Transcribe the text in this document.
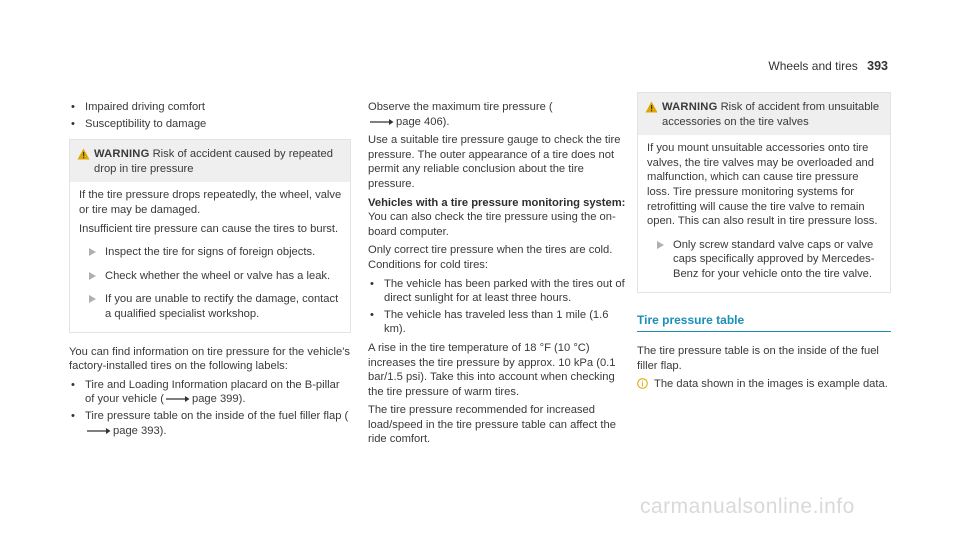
Wheels and tires 393
• Impaired driving comfort
• Susceptibility to damage
WARNING Risk of accident caused by repeated drop in tire pressure

If the tire pressure drops repeatedly, the wheel, valve or tire may be damaged.

Insufficient tire pressure can cause the tires to burst.

Inspect the tire for signs of foreign objects.
Check whether the wheel or valve has a leak.
If you are unable to rectify the damage, contact a qualified specialist workshop.

You can find information on tire pressure for the vehicle's factory-installed tires on the following labels:

• Tire and Loading Information placard on the B-pillar of your vehicle (	page 399).
• Tire pressure table on the inside of the fuel filler flap (page 393).

Observe the maximum tire pressure (page 406).

Use a suitable tire pressure gauge to check the tire pressure. The outer appearance of a tire does not permit any reliable conclusion about the tire pressure.

Vehicles with a tire pressure monitoring system: You can also check the tire pressure using the on-board computer.

Only correct tire pressure when the tires are cold. Conditions for cold tires:

• The vehicle has been parked with the tires out of direct sunlight for at least three hours.
• The vehicle has traveled less than 1 mile (1.6 km).

A rise in the tire temperature of 18 °F (10 °C) increases the tire pressure by approx. 10 kPa (0.1 bar/1.5 psi). Take this into account when checking the tire pressure of warm tires.

The tire pressure recommended for increased load/speed in the tire pressure table can affect the ride comfort.

WARNING Risk of accident from unsuitable accessories on the tire valves

If you mount unsuitable accessories onto tire valves, the tire valves may be overloaded and malfunction, which can cause tire pressure loss. Tire pressure monitoring systems for retrofitting will cause the tire valve to remain open. This can also result in tire pressure loss.

Only screw standard valve caps or valve caps specifically approved by Mercedes-Benz for your vehicle onto the tire valve.
Tire pressure table

The tire pressure table is on the inside of the fuel filler flap.

The data shown in the images is example data.

carmanualsonline.info
